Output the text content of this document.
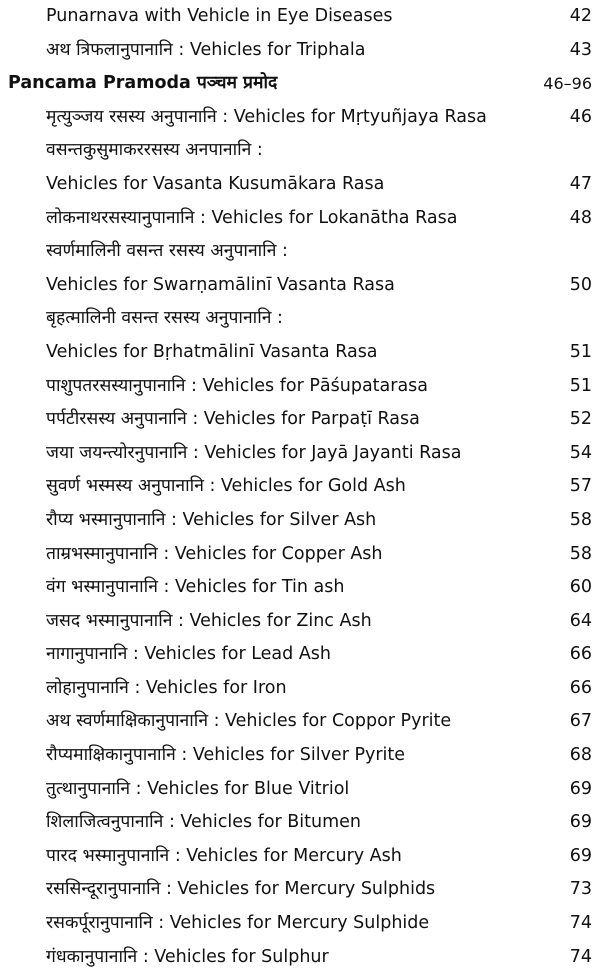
Punarnava with Vehicle in Eye Diseases	42
अथ त्रिफलानुपानानि : Vehicles for Triphala	43
Pancama Pramoda पञ्चम प्रमोद	46–96
मृत्युञ्जय रसस्य अनुपानानि : Vehicles for Mṛtyuñjaya Rasa	46
वसन्तकुसुमाकररसस्य अनपानानि :
Vehicles for Vasanta Kusumākara Rasa	47
लोकनाथरसस्यानुपानानि : Vehicles for Lokanātha Rasa	48
स्वर्णमालिनी वसन्त रसस्य अनुपानानि :
Vehicles for Swarṇamālinī Vasanta Rasa	50
बृहत्मालिनी वसन्त रसस्य अनुपानानि :
Vehicles for Bṛhatmālinī Vasanta Rasa	51
पाशुपतरसस्यानुपानानि : Vehicles for Pāśupatarasa	51
पर्पटीरसस्य अनुपानानि : Vehicles for Parpaṭī Rasa	52
जया जयन्त्योरनुपानानि : Vehicles for Jayā Jayanti Rasa	54
सुवर्ण भस्मस्य अनुपानानि : Vehicles for Gold Ash	57
रौप्य भस्मानुपानानि : Vehicles for Silver Ash	58
ताम्रभस्मानुपानानि : Vehicles for Copper Ash	58
वंग भस्मानुपानानि : Vehicles for Tin ash	60
जसद भस्मानुपानानि : Vehicles for Zinc Ash	64
नागानुपानानि : Vehicles for Lead Ash	66
लोहानुपानानि : Vehicles for Iron	66
अथ स्वर्णमाक्षिकानुपानानि : Vehicles for Coppor Pyrite	67
रौप्यमाक्षिकानुपानानि : Vehicles for Silver Pyrite	68
तुत्थानुपानानि : Vehicles for Blue Vitriol	69
शिलाजित्वनुपानानि : Vehicles for Bitumen	69
पारद भस्मानुपानानि : Vehicles for Mercury Ash	69
रससिन्दूरानुपानानि : Vehicles for Mercury Sulphids	73
रसकर्पूरानुपानानि : Vehicles for Mercury Sulphide	74
गंधकानुपानानि : Vehicles for Sulphur	74
